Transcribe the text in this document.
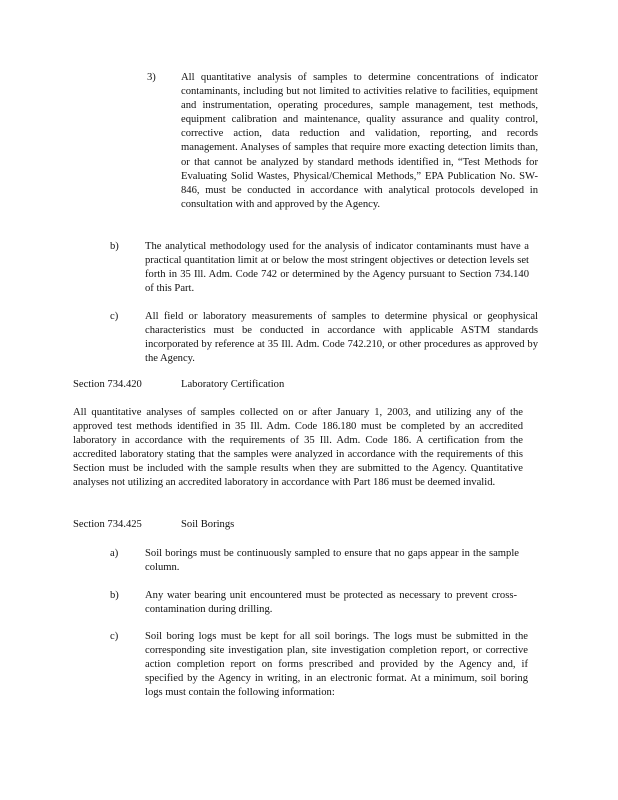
3) All quantitative analysis of samples to determine concentrations of indicator contaminants, including but not limited to activities relative to facilities, equipment and instrumentation, operating procedures, sample management, test methods, equipment calibration and maintenance, quality assurance and quality control, corrective action, data reduction and validation, reporting, and records management. Analyses of samples that require more exacting detection limits than, or that cannot be analyzed by standard methods identified in, “Test Methods for Evaluating Solid Wastes, Physical/Chemical Methods,” EPA Publication No. SW-846, must be conducted in accordance with analytical protocols developed in consultation with and approved by the Agency.
b) The analytical methodology used for the analysis of indicator contaminants must have a practical quantitation limit at or below the most stringent objectives or detection levels set forth in 35 Ill. Adm. Code 742 or determined by the Agency pursuant to Section 734.140 of this Part.
c)	All field or laboratory measurements of samples to determine physical or geophysical characteristics must be conducted in accordance with applicable ASTM standards incorporated by reference at 35 Ill. Adm. Code 742.210, or other procedures as approved by the Agency.
Section 734.420	Laboratory Certification
All quantitative analyses of samples collected on or after January 1, 2003, and utilizing any of the approved test methods identified in 35 Ill. Adm. Code 186.180 must be completed by an accredited laboratory in accordance with the requirements of 35 Ill. Adm. Code 186. A certification from the accredited laboratory stating that the samples were analyzed in accordance with the requirements of this Section must be included with the sample results when they are submitted to the Agency. Quantitative analyses not utilizing an accredited laboratory in accordance with Part 186 must be deemed invalid.
Section 734.425	Soil Borings
a)	Soil borings must be continuously sampled to ensure that no gaps appear in the sample column.
b) Any water bearing unit encountered must be protected as necessary to prevent cross-contamination during drilling.
c)	Soil boring logs must be kept for all soil borings. The logs must be submitted in the corresponding site investigation plan, site investigation completion report, or corrective action completion report on forms prescribed and provided by the Agency and, if specified by the Agency in writing, in an electronic format. At a minimum, soil boring logs must contain the following information:
